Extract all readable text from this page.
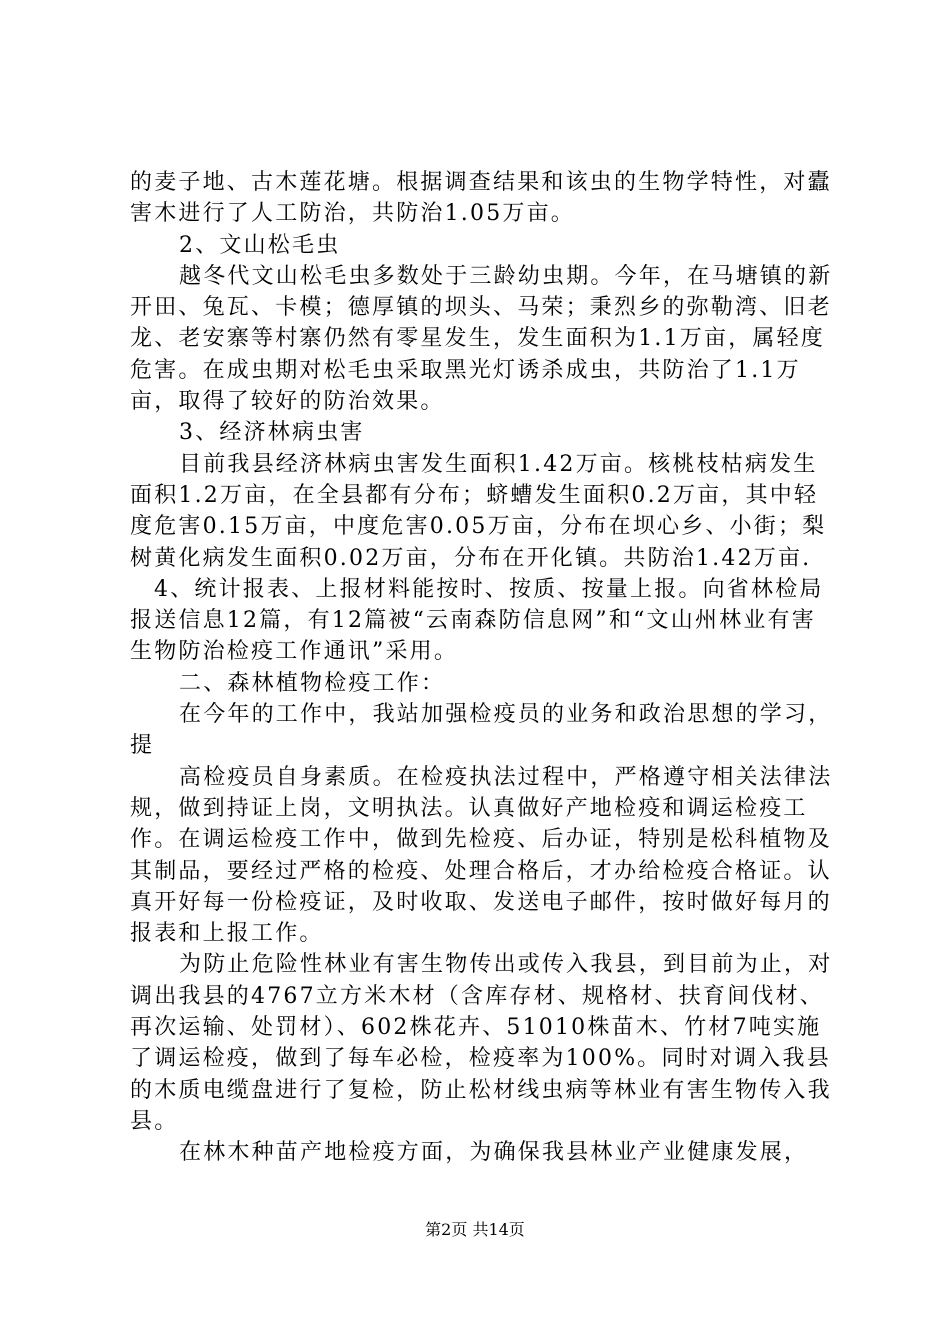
的麦子地、古木莲花塘。根据调查结果和该虫的生物学特性，对蠹害木进行了人工防治，共防治1.05万亩。

2、文山松毛虫

越冬代文山松毛虫多数处于三龄幼虫期。今年，在马塘镇的新开田、兔瓦、卡模；德厚镇的坝头、马荣；秉烈乡的弥勒湾、旧老龙、老安寨等村寨仍然有零星发生，发生面积为1.1万亩，属轻度危害。在成虫期对松毛虫采取黑光灯诱杀成虫，共防治了1.1万亩，取得了较好的防治效果。

3、经济林病虫害

目前我县经济林病虫害发生面积1.42万亩。核桃枝枯病发生面积1.2万亩，在全县都有分布；蛴螬发生面积0.2万亩，其中轻度危害0.15万亩，中度危害0.05万亩，分布在坝心乡、小街；梨树黄化病发生面积0.02万亩，分布在开化镇。共防治1.42万亩.

4、统计报表、上报材料能按时、按质、按量上报。向省林检局报送信息12篇，有12篇被“云南森防信息网”和“文山州林业有害生物防治检疫工作通讯”采用。

二、森林植物检疫工作：

在今年的工作中，我站加强检疫员的业务和政治思想的学习，提

高检疫员自身素质。在检疫执法过程中，严格遵守相关法律法规，做到持证上岗，文明执法。认真做好产地检疫和调运检疫工作。在调运检疫工作中，做到先检疫、后办证，特别是松科植物及其制品，要经过严格的检疫、处理合格后，才办给检疫合格证。认真开好每一份检疫证，及时收取、发送电子邮件，按时做好每月的报表和上报工作。

为防止危险性林业有害生物传出或传入我县，到目前为止，对调出我县的4767立方米木材（含库存材、规格材、扶育间伐材、再次运输、处罚材）、602株花卉、51010株苗木、竹材7吨实施了调运检疫，做到了每车必检，检疫率为100%。同时对调入我县的木质电缆盘进行了复检，防止松材线虫病等林业有害生物传入我县。

在林木种苗产地检疫方面，为确保我县林业产业健康发展，

第2页 共14页
